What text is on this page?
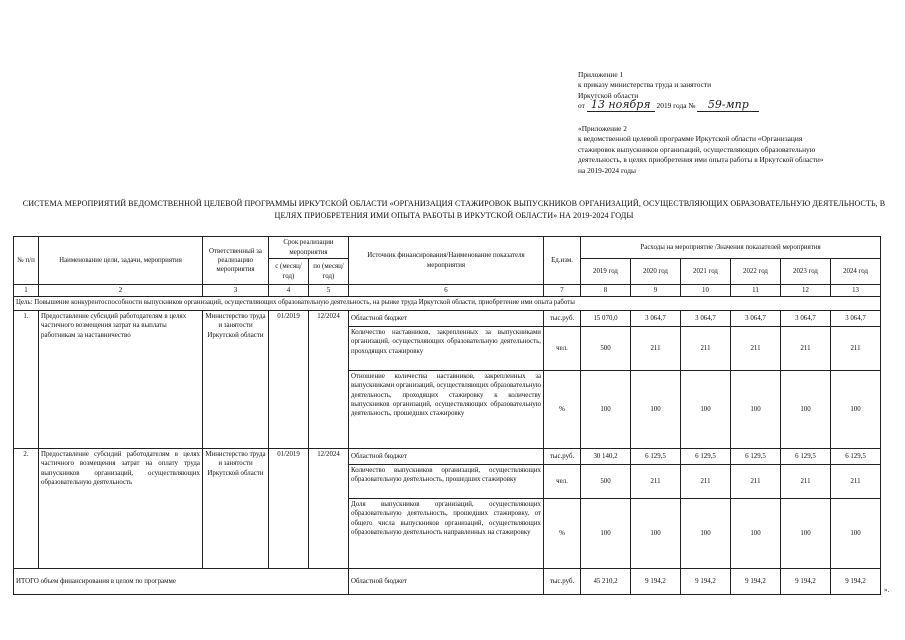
Приложение 1
к приказу министерства труда и занятости
Иркутской области
от 13 ноября 2019 года № 59-мпр
«Приложение 2
к ведомственной целевой программе Иркутской области «Организация
стажировок выпускников организаций, осуществляющих образовательную
деятельность, в целях приобретения ими опыта работы в Иркутской области»
на 2019-2024 годы
СИСТЕМА МЕРОПРИЯТИЙ ВЕДОМСТВЕННОЙ ЦЕЛЕВОЙ ПРОГРАММЫ ИРКУТСКОЙ ОБЛАСТИ «ОРГАНИЗАЦИЯ СТАЖИРОВОК ВЫПУСКНИКОВ ОРГАНИЗАЦИЙ, ОСУЩЕСТВЛЯЮЩИХ ОБРАЗОВАТЕЛЬНУЮ ДЕЯТЕЛЬНОСТЬ, В ЦЕЛЯХ ПРИОБРЕТЕНИЯ ИМИ ОПЫТА РАБОТЫ В ИРКУТСКОЙ ОБЛАСТИ» НА 2019-2024 ГОДЫ
№ п/п	Наименование цели, задачи, мероприятия	Ответственный за реализацию мероприятия	Срок реализации мероприятия		Источник финансирования/Наименование показателя мероприятия	Ед.изм.	Расходы на мероприятие /Значения показателей мероприятия					
			с (месяц/ год)	по (месяц/ год)			2019 год	2020 год	2021 год	2022 год	2023 год	2024 год
1	2	3	4	5	6	7	8	9	10	11	12	13
Цель: Повышение конкурентоспособности выпускников организаций, осуществляющих образовательную деятельность, на рынке труда Иркутской области, приобретение ими опыта работы												
1.	Предоставление субсидий работодателям в целях частичного возмещения затрат на выплаты работникам за наставничество	Министерство труда и занятости Иркутской области	01/2019	12/2024	Областной бюджет	тыс.руб.	15 070,0	3 064,7	3 064,7	3 064,7	3 064,7	3 064,7
					Количество наставников, закрепленных за выпускниками организаций, осуществляющих образовательную деятельность, проходящих стажировку	чел.	500	211	211	211	211	211
					Отношение количества наставников, закрепленных за выпускниками организаций, осуществляющих образовательную деятельность, проходящих стажировку к количеству выпускников организаций, осуществляющих образовательную деятельность, прошедших стажировку	%	100	100	100	100	100	100
2.	Предоставление субсидий работодателям в целях частичного возмещения затрат на оплату труда выпускников организаций, осуществляющих образовательную деятельность	Министерство труда и занятости Иркутской области	01/2019	12/2024	Областной бюджет	тыс.руб.	30 140,2	6 129,5	6 129,5	6 129,5	6 129,5	6 129,5
					Количество выпускников организаций, осуществляющих образовательную деятельность, прошедших стажировку	чел.	500	211	211	211	211	211
					Доля выпускников организаций, осуществляющих образовательную деятельность, прошедших стажировку, от общего числа выпускников организаций, осуществляющих образовательную деятельность направленных на стажировку	%	100	100	100	100	100	100
ИТОГО объем финансирования в целом по программе					Областной бюджет	тыс.руб.	45 210,2	9 194,2	9 194,2	9 194,2	9 194,2	9 194,2
».
